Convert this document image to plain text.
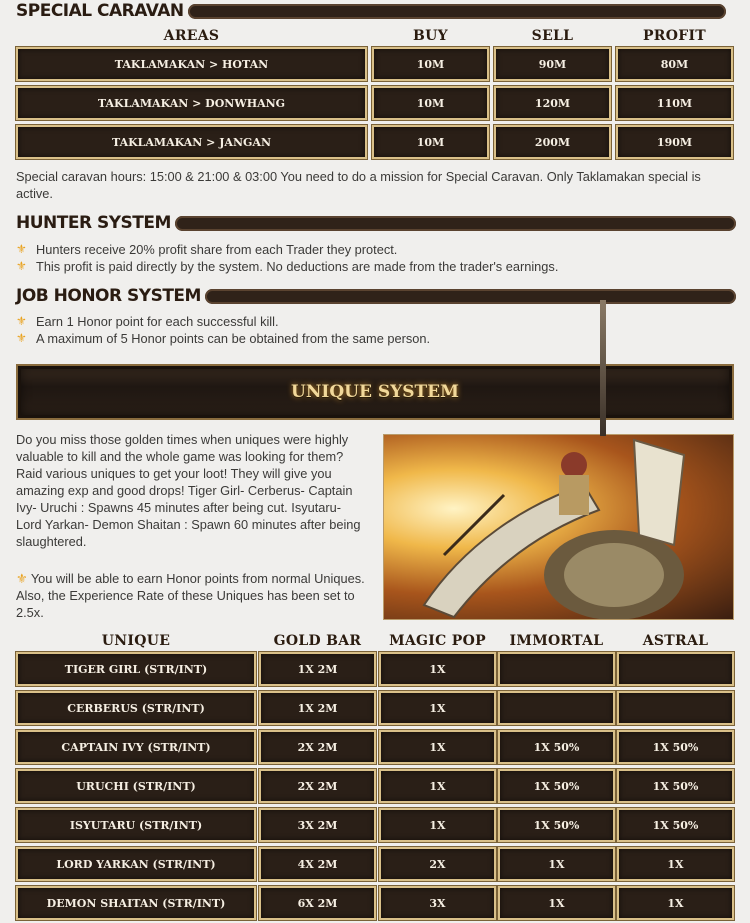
SPECIAL CARAVAN
AREAS	BUY	SELL	PROFIT
TAKLAMAKAN > HOTAN	10M	90M	80M
TAKLAMAKAN > DONWHANG	10M	120M	110M
TAKLAMAKAN > JANGAN	10M	200M	190M
Special caravan hours: 15:00 & 21:00 & 03:00 You need to do a mission for Special Caravan. Only Taklamakan special is active.
HUNTER SYSTEM
⚜ Hunters receive 20% profit share from each Trader they protect.
⚜ This profit is paid directly by the system. No deductions are made from the trader's earnings.
JOB HONOR SYSTEM
⚜ Earn 1 Honor point for each successful kill.
⚜ A maximum of 5 Honor points can be obtained from the same person.
UNIQUE SYSTEM
Do you miss those golden times when uniques were highly valuable to kill and the whole game was looking for them? Raid various uniques to get your loot! They will give you amazing exp and good drops! Tiger Girl- Cerberus- Captain Ivy- Uruchi : Spawns 45 minutes after being cut. Isyutaru- Lord Yarkan- Demon Shaitan : Spawn 60 minutes after being slaughtered.
⚜ You will be able to earn Honor points from normal Uniques. Also, the Experience Rate of these Uniques has been set to 2.5x.
UNIQUE	GOLD BAR	MAGIC POP	IMMORTAL	ASTRAL
TIGER GIRL (STR/INT)	1X 2M	1X
CERBERUS (STR/INT)	1X 2M	1X
CAPTAIN IVY (STR/INT)	2X 2M	1X	1X 50%	1X 50%
URUCHI (STR/INT)	2X 2M	1X	1X 50%	1X 50%
ISYUTARU (STR/INT)	3X 2M	1X	1X 50%	1X 50%
LORD YARKAN (STR/INT)	4X 2M	2X	1X	1X
DEMON SHAITAN (STR/INT)	6X 2M	3X	1X	1X
